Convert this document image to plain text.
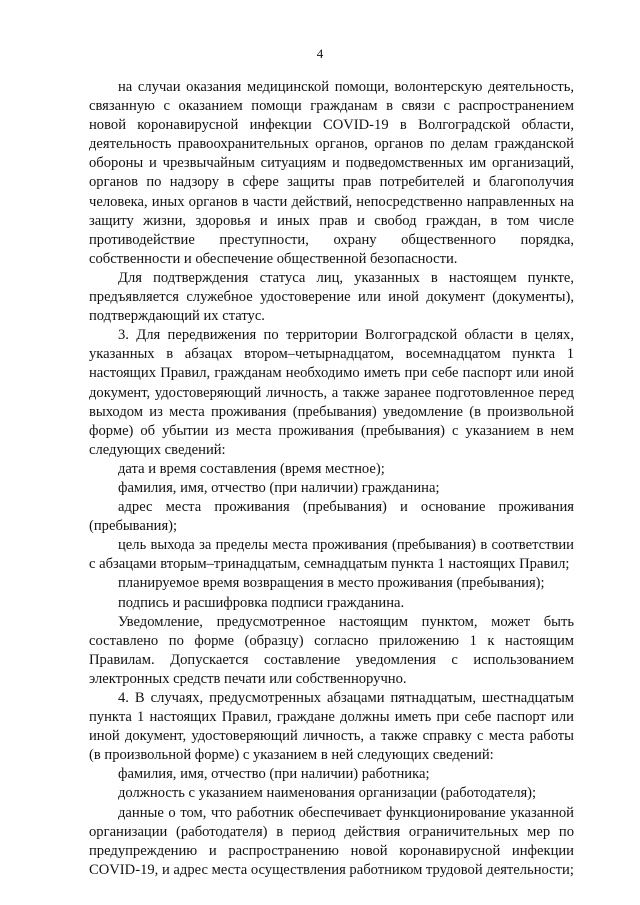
4

на случаи оказания медицинской помощи, волонтерскую деятельность, связанную с оказанием помощи гражданам в связи с распространением новой коронавирусной инфекции COVID-19 в Волгоградской области, деятельность правоохранительных органов, органов по делам гражданской обороны и чрезвычайным ситуациям и подведомственных им организаций, органов по надзору в сфере защиты прав потребителей и благополучия человека, иных органов в части действий, непосредственно направленных на защиту жизни, здоровья и иных прав и свобод граждан, в том числе противодействие преступности, охрану общественного порядка, собственности и обеспечение общественной безопасности.

Для подтверждения статуса лиц, указанных в настоящем пункте, предъявляется служебное удостоверение или иной документ (документы), подтверждающий их статус.

3. Для передвижения по территории Волгоградской области в целях, указанных в абзацах втором–четырнадцатом, восемнадцатом пункта 1 настоящих Правил, гражданам необходимо иметь при себе паспорт или иной документ, удостоверяющий личность, а также заранее подготовленное перед выходом из места проживания (пребывания) уведомление (в произвольной форме) об убытии из места проживания (пребывания) с указанием в нем следующих сведений:

дата и время составления (время местное);

фамилия, имя, отчество (при наличии) гражданина;

адрес места проживания (пребывания) и основание проживания (пребывания);

цель выхода за пределы места проживания (пребывания) в соответствии с абзацами вторым–тринадцатым, семнадцатым пункта 1 настоящих Правил;

планируемое время возвращения в место проживания (пребывания);

подпись и расшифровка подписи гражданина.

Уведомление, предусмотренное настоящим пунктом, может быть составлено по форме (образцу) согласно приложению 1 к настоящим Правилам. Допускается составление уведомления с использованием электронных средств печати или собственноручно.

4. В случаях, предусмотренных абзацами пятнадцатым, шестнадцатым пункта 1 настоящих Правил, граждане должны иметь при себе паспорт или иной документ, удостоверяющий личность, а также справку с места работы (в произвольной форме) с указанием в ней следующих сведений:

фамилия, имя, отчество (при наличии) работника;

должность с указанием наименования организации (работодателя);

данные о том, что работник обеспечивает функционирование указанной организации (работодателя) в период действия ограничительных мер по предупреждению и распространению новой коронавирусной инфекции COVID-19, и адрес места осуществления работником трудовой деятельности;
